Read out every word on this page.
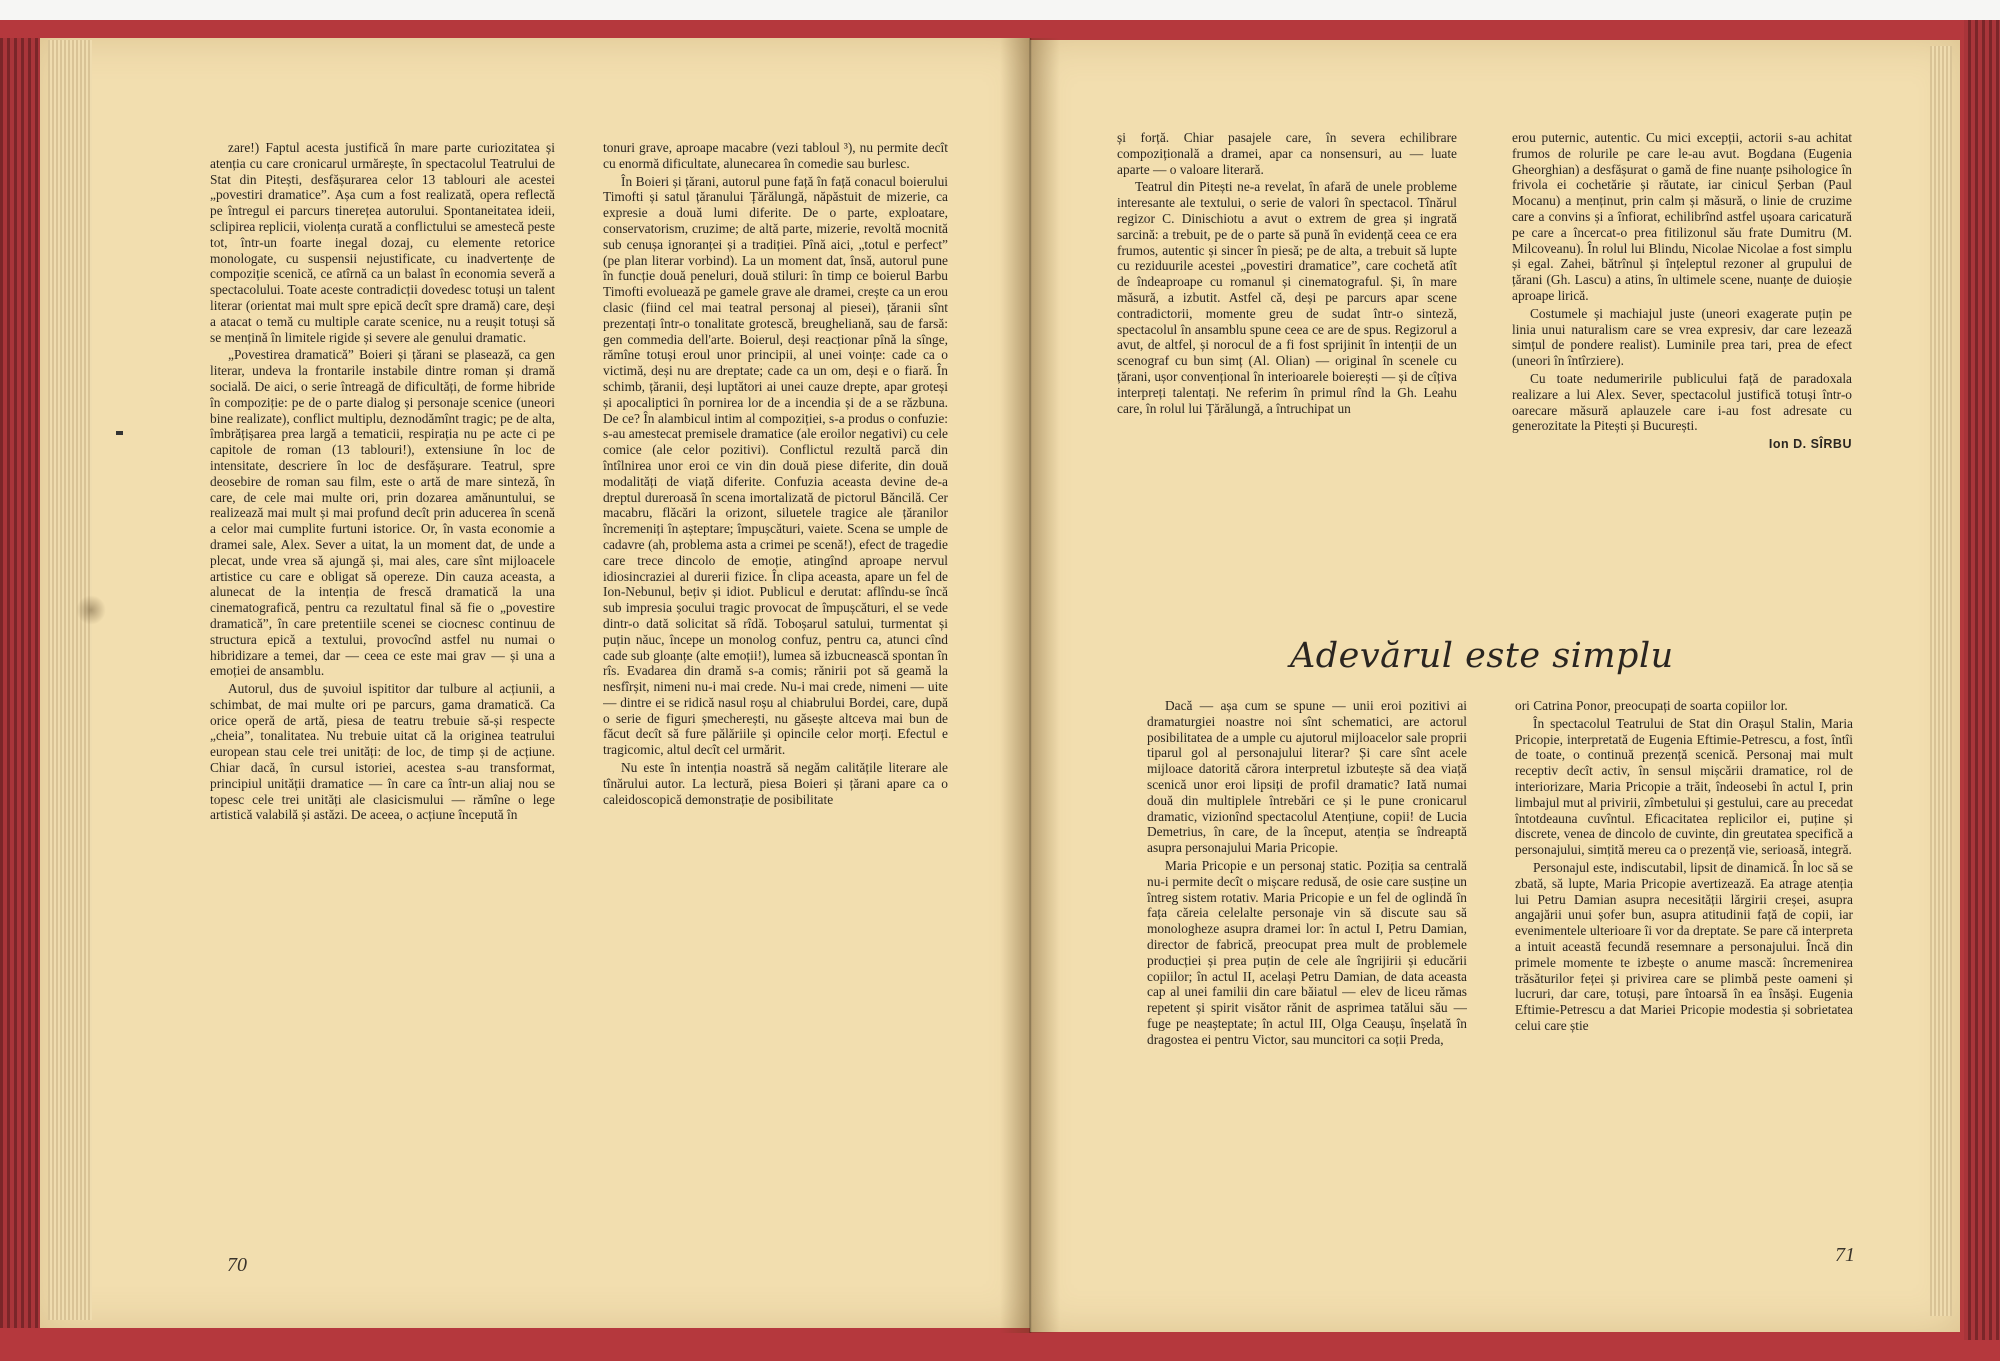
zare!) Faptul acesta justifică în mare parte curiozitatea și atenția cu care cronicarul urmărește, în spectacolul Teatrului de Stat din Pitești, desfășurarea celor 13 tablouri ale acestei „povestiri dramatice”. Așa cum a fost realizată, opera reflectă pe întregul ei parcurs tinerețea autorului. Spontaneitatea ideii, sclipirea replicii, violența curată a conflictului se amestecă peste tot, într-un foarte inegal dozaj, cu elemente retorice monologate, cu suspensii nejustificate, cu inadvertențe de compoziție scenică, ce atîrnă ca un balast în economia severă a spectacolului. Toate aceste contradicții dovedesc totuși un talent literar (orientat mai mult spre epică decît spre dramă) care, deși a atacat o temă cu multiple carate scenice, nu a reușit totuși să se mențină în limitele rigide și severe ale genului dramatic.

„Povestirea dramatică” Boieri și țărani se plasează, ca gen literar, undeva la frontarile instabile dintre roman și dramă socială. De aici, o serie întreagă de dificultăți, de forme hibride în compoziție: pe de o parte dialog și personaje scenice (uneori bine realizate), conflict multiplu, deznodămînt tragic; pe de alta, îmbrățișarea prea largă a tematicii, respirația nu pe acte ci pe capitole de roman (13 tablouri!), extensiune în loc de intensitate, descriere în loc de desfășurare. Teatrul, spre deosebire de roman sau film, este o artă de mare sinteză, în care, de cele mai multe ori, prin dozarea amănuntului, se realizează mai mult și mai profund decît prin aducerea în scenă a celor mai cumplite furtuni istorice. Or, în vasta economie a dramei sale, Alex. Sever a uitat, la un moment dat, de unde a plecat, unde vrea să ajungă și, mai ales, care sînt mijloacele artistice cu care e obligat să opereze. Din cauza aceasta, a alunecat de la intenția de frescă dramatică la una cinematografică, pentru ca rezultatul final să fie o „povestire dramatică”, în care pretentiile scenei se ciocnesc continuu de structura epică a textului, provocînd astfel nu numai o hibridizare a temei, dar — ceea ce este mai grav — și una a emoției de ansamblu.

Autorul, dus de șuvoiul ispititor dar tulbure al acțiunii, a schimbat, de mai multe ori pe parcurs, gama dramatică. Ca orice operă de artă, piesa de teatru trebuie să-și respecte „cheia”, tonalitatea. Nu trebuie uitat că la originea teatrului european stau cele trei unități: de loc, de timp și de acțiune. Chiar dacă, în cursul istoriei, acestea s-au transformat, principiul unității dramatice — în care ca într-un aliaj nou se topesc cele trei unități ale clasicismului — rămîne o lege artistică valabilă și astăzi. De aceea, o acțiune începută în

tonuri grave, aproape macabre (vezi tabloul ³), nu permite decît cu enormă dificultate, alunecarea în comedie sau burlesc.

În Boieri și țărani, autorul pune față în față conacul boierului Timofti și satul țăranului Țărălungă, năpăstuit de mizerie, ca expresie a două lumi diferite. De o parte, exploatare, conservatorism, cruzime; de altă parte, mizerie, revoltă mocnită sub cenușa ignoranței și a tradiției. Pînă aici, „totul e perfect” (pe plan literar vorbind). La un moment dat, însă, autorul pune în funcție două peneluri, două stiluri: în timp ce boierul Barbu Timofti evoluează pe gamele grave ale dramei, crește ca un erou clasic (fiind cel mai teatral personaj al piesei), țăranii sînt prezentați într-o tonalitate grotescă, breugheliană, sau de farsă: gen commedia dell'arte. Boierul, deși reacționar pînă la sînge, rămîne totuși eroul unor principii, al unei voințe: cade ca o victimă, deși nu are dreptate; cade ca un om, deși e o fiară. În schimb, țăranii, deși luptători ai unei cauze drepte, apar groteși și apocaliptici în pornirea lor de a incendia și de a se răzbuna. De ce? În alambicul intim al compoziției, s-a produs o confuzie: s-au amestecat premisele dramatice (ale eroilor negativi) cu cele comice (ale celor pozitivi). Conflictul rezultă parcă din întîlnirea unor eroi ce vin din două piese diferite, din două modalități de viață diferite. Confuzia aceasta devine de-a dreptul dureroasă în scena imortalizată de pictorul Băncilă. Cer macabru, flăcări la orizont, siluetele tragice ale țăranilor încremeniți în așteptare; împușcături, vaiete. Scena se umple de cadavre (ah, problema asta a crimei pe scenă!), efect de tragedie care trece dincolo de emoție, atingînd aproape nervul idiosincraziei al durerii fizice. În clipa aceasta, apare un fel de Ion-Nebunul, bețiv și idiot. Publicul e derutat: aflîndu-se încă sub impresia șocului tragic provocat de împușcături, el se vede dintr-o dată solicitat să rîdă. Toboșarul satului, turmentat și puțin năuc, începe un monolog confuz, pentru ca, atunci cînd cade sub gloanțe (alte emoții!), lumea să izbucnească spontan în rîs. Evadarea din dramă s-a comis; rănirii pot să geamă la nesfîrșit, nimeni nu-i mai crede. Nu-i mai crede, nimeni — uite — dintre ei se ridică nasul roșu al chiabrului Bordei, care, după o serie de figuri șmecherești, nu găsește altceva mai bun de făcut decît să fure pălăriile și opincile celor morți. Efectul e tragicomic, altul decît cel urmărit.

Nu este în intenția noastră să negăm calitățile literare ale tînărului autor. La lectură, piesa Boieri și țărani apare ca o caleidoscopică demonstrație de posibilitate

și forță. Chiar pasajele care, în severa echilibrare compozițională a dramei, apar ca nonsensuri, au — luate aparte — o valoare literară.

Teatrul din Pitești ne-a revelat, în afară de unele probleme interesante ale textului, o serie de valori în spectacol. Tînărul regizor C. Dinischiotu a avut o extrem de grea și ingrată sarcină: a trebuit, pe de o parte să pună în evidență ceea ce era frumos, autentic și sincer în piesă; pe de alta, a trebuit să lupte cu reziduurile acestei „povestiri dramatice”, care cochetă atît de îndeaproape cu romanul și cinematograful. Și, în mare măsură, a izbutit. Astfel că, deși pe parcurs apar scene contradictorii, momente greu de sudat într-o sinteză, spectacolul în ansamblu spune ceea ce are de spus. Regizorul a avut, de altfel, și norocul de a fi fost sprijinit în intenții de un scenograf cu bun simț (Al. Olian) — original în scenele cu țărani, ușor convențional în interioarele boierești — și de cîțiva interpreți talentați. Ne referim în primul rînd la Gh. Leahu care, în rolul lui Țărălungă, a întruchipat un

erou puternic, autentic. Cu mici excepții, actorii s-au achitat frumos de rolurile pe care le-au avut. Bogdana (Eugenia Gheorghian) a desfășurat o gamă de fine nuanțe psihologice în frivola ei cochetărie și răutate, iar cinicul Șerban (Paul Mocanu) a menținut, prin calm și măsură, o linie de cruzime care a convins și a înfiorat, echilibrînd astfel ușoara caricatură pe care a încercat-o prea fitilizonul său frate Dumitru (M. Milcoveanu). În rolul lui Blindu, Nicolae Nicolae a fost simplu și egal. Zahei, bătrînul și înțeleptul rezoner al grupului de țărani (Gh. Lascu) a atins, în ultimele scene, nuanțe de duioșie aproape lirică.

Costumele și machiajul juste (uneori exagerate puțin pe linia unui naturalism care se vrea expresiv, dar care lezează simțul de pondere realist). Luminile prea tari, prea de efect (uneori în întîrziere).

Cu toate nedumeririle publicului față de paradoxala realizare a lui Alex. Sever, spectacolul justifică totuși într-o oarecare măsură aplauzele care i-au fost adresate cu generozitate la Pitești și București.

Ion D. SÎRBU
Adevărul este simplu

Dacă — așa cum se spune — unii eroi pozitivi ai dramaturgiei noastre noi sînt schematici, are actorul posibilitatea de a umple cu ajutorul mijloacelor sale proprii tiparul gol al personajului literar? Și care sînt acele mijloace datorită cărora interpretul izbutește să dea viață scenică unor eroi lipsiți de profil dramatic? Iată numai două din multiplele întrebări ce și le pune cronicarul dramatic, vizionînd spectacolul Atențiune, copii! de Lucia Demetrius, în care, de la început, atenția se îndreaptă asupra personajului Maria Pricopie.

Maria Pricopie e un personaj static. Poziția sa centrală nu-i permite decît o mișcare redusă, de osie care susține un întreg sistem rotativ. Maria Pricopie e un fel de oglindă în fața căreia celelalte personaje vin să discute sau să monologheze asupra dramei lor: în actul I, Petru Damian, director de fabrică, preocupat prea mult de problemele producției și prea puțin de cele ale îngrijirii și educării copiilor; în actul II, același Petru Damian, de data aceasta cap al unei familii din care băiatul — elev de liceu rămas repetent și spirit visător rănit de asprimea tatălui său — fuge pe neașteptate; în actul III, Olga Ceaușu, înșelată în dragostea ei pentru Victor, sau muncitori ca soții Preda,

ori Catrina Ponor, preocupați de soarta copiilor lor.

În spectacolul Teatrului de Stat din Orașul Stalin, Maria Pricopie, interpretată de Eugenia Eftimie-Petrescu, a fost, întîi de toate, o continuă prezență scenică. Personaj mai mult receptiv decît activ, în sensul mișcării dramatice, rol de interiorizare, Maria Pricopie a trăit, îndeosebi în actul I, prin limbajul mut al privirii, zîmbetului și gestului, care au precedat întotdeauna cuvîntul. Eficacitatea replicilor ei, puține și discrete, venea de dincolo de cuvinte, din greutatea specifică a personajului, simțită mereu ca o prezență vie, serioasă, integră.

Personajul este, indiscutabil, lipsit de dinamică. În loc să se zbată, să lupte, Maria Pricopie avertizează. Ea atrage atenția lui Petru Damian asupra necesității lărgirii creșei, asupra angajării unui șofer bun, asupra atitudinii față de copii, iar evenimentele ulterioare îi vor da dreptate. Se pare că interpreta a intuit această fecundă resemnare a personajului. Încă din primele momente te izbește o anume mască: încremenirea trăsăturilor feței și privirea care se plimbă peste oameni și lucruri, dar care, totuși, pare întoarsă în ea însăși. Eugenia Eftimie-Petrescu a dat Mariei Pricopie modestia și sobrietatea celui care știe

70	71
